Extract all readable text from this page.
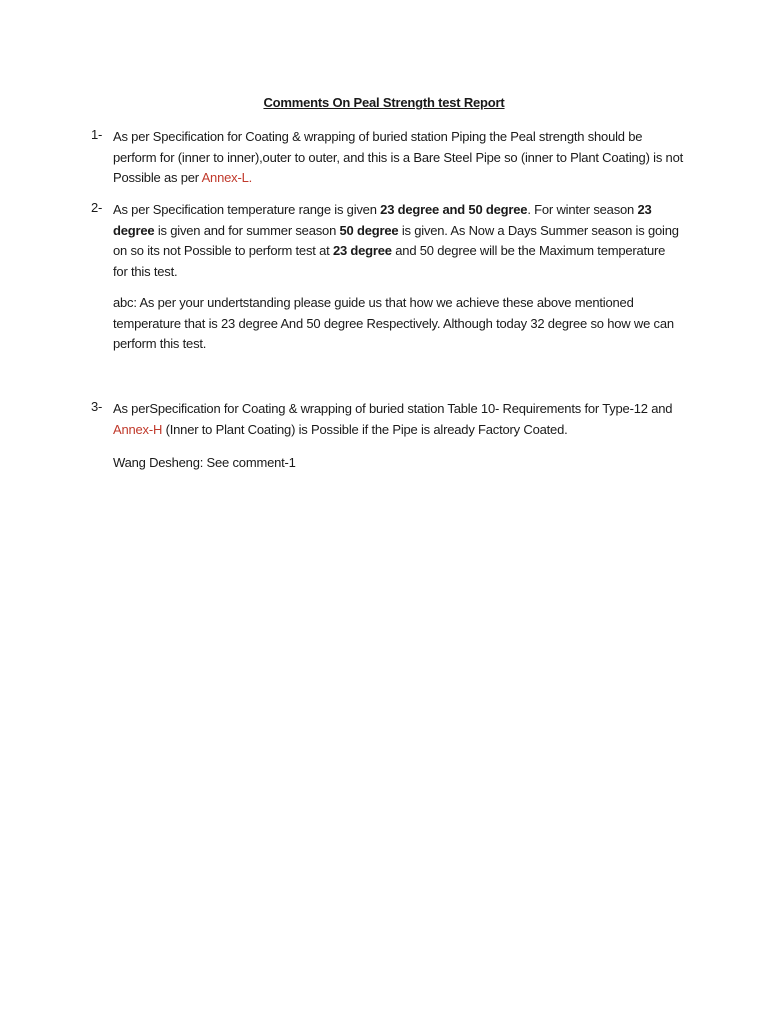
Comments On Peal Strength test Report
1- As per Specification for Coating & wrapping of buried station Piping the Peal strength should be perform for (inner to inner),outer to outer, and this is a Bare Steel Pipe so (inner to Plant Coating) is not Possible as per Annex-L.
2- As per Specification temperature range is given 23 degree and 50 degree. For winter season 23 degree is given and for summer season 50 degree is given. As Now a Days Summer season is going on so its not Possible to perform test at 23 degree and 50 degree will be the Maximum temperature for this test.
abc: As per your undertstanding please guide us that how we achieve these above mentioned temperature that is 23 degree And 50 degree Respectively. Although today 32 degree so how we can perform this test.
3- As perSpecification for Coating & wrapping of buried station Table 10- Requirements for Type-12 and Annex-H (Inner to Plant Coating) is Possible if the Pipe is already Factory Coated.
Wang Desheng: See comment-1
